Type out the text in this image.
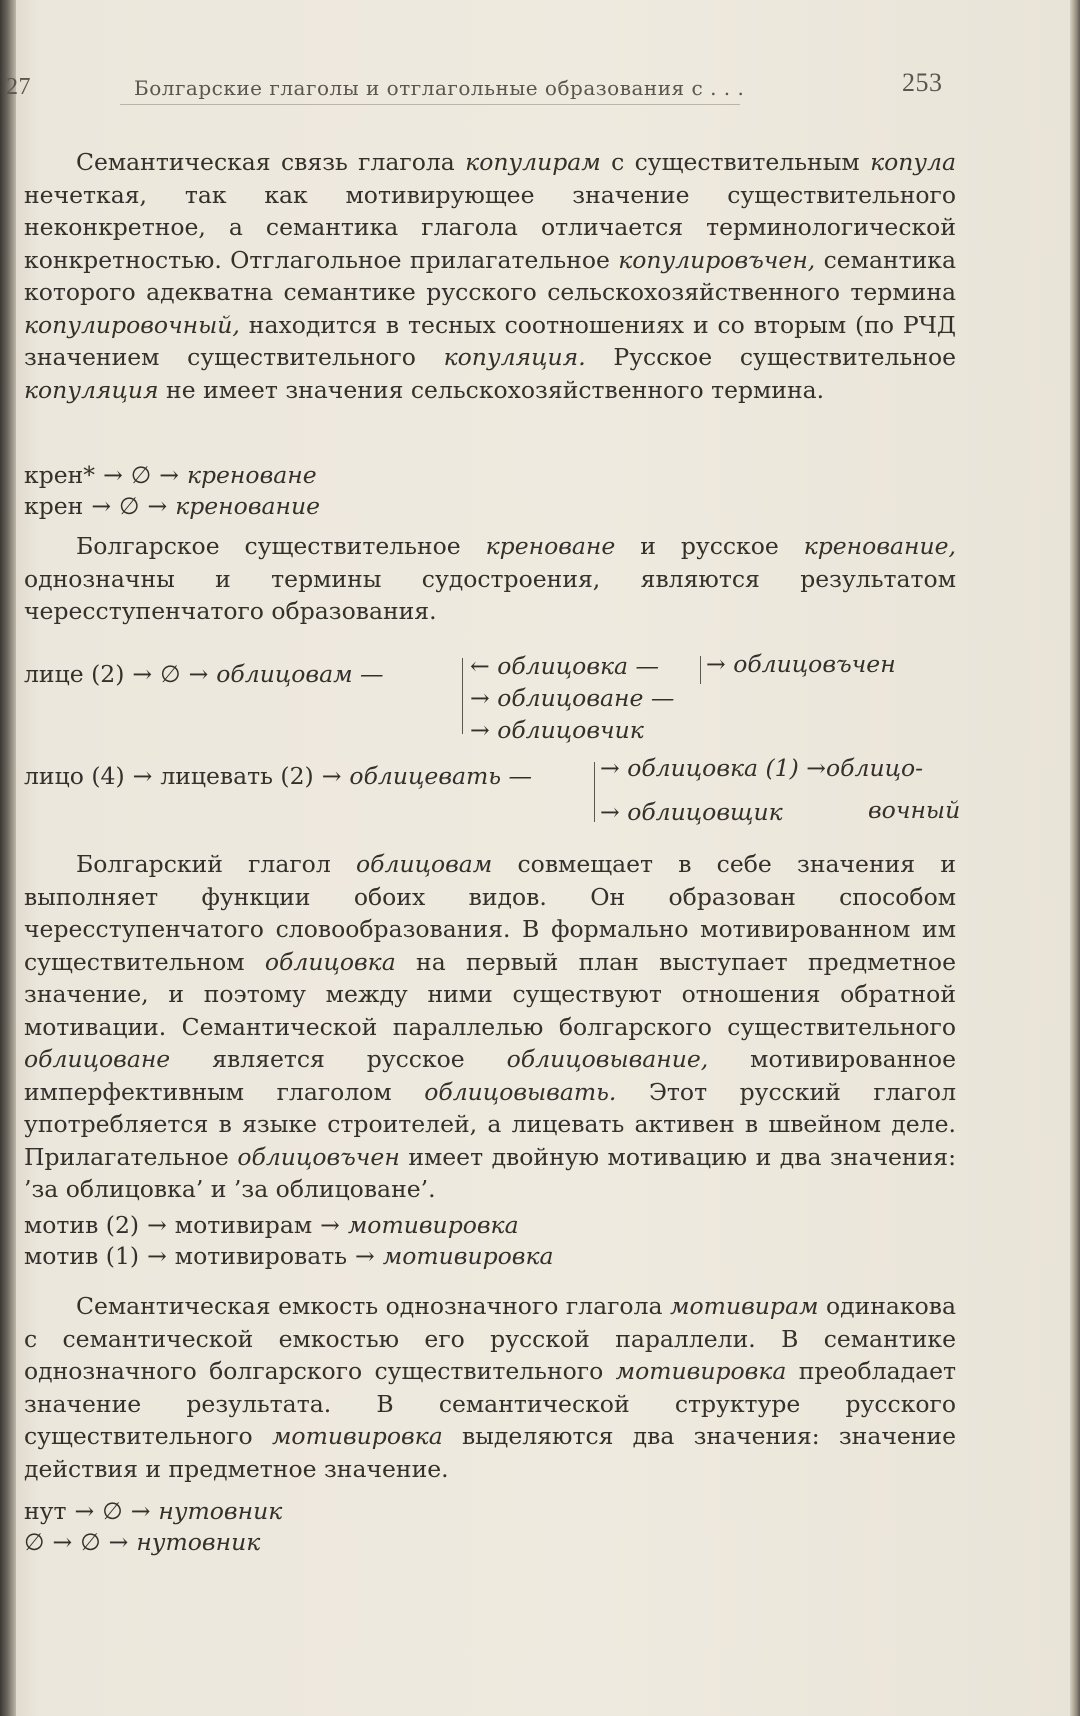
27	Болгарские глаголы и отглагольные образования с . . .	253

Семантическая связь глагола копулирам с существительным копула нечеткая, так как мотивирующее значение существительного неконкретное, а семантика глагола отличается терминологической конкретностью. Отглагольное прилагательное копулировъчен, семантика которого адекватна семантике русского сельскохозяйственного термина копулировочный, находится в тесных соотношениях и со вторым (по РЧД значением существительного копуляция. Русское существительное копуляция не имеет значения сельскохозяйственного термина.

крен* → ∅ → креноване
крен → ∅ → кренование

Болгарское существительное креноване и русское кренование, однозначны и термины судостроения, являются результатом чересступенчатого образования.

лице (2) → ∅ → облицовам —	← облицовка — → облицовъчен
→ облицоване —
→ облицовчик
лицо (4) → лицевать (2) → облицевать —	→ облицовка (1) →облицо-
→ облицовщик	вочный

Болгарский глагол облицовам совмещает в себе значения и выполняет функции обоих видов. Он образован способом чересступенчатого словообразования. В формально мотивированном им существительном облицовка на первый план выступает предметное значение, и поэтому между ними существуют отношения обратной мотивации. Семантической параллелью болгарского существительного облицоване является русское облицовывание, мотивированное имперфективным глаголом облицовывать. Этот русский глагол употребляется в языке строителей, а лицевать активен в швейном деле. Прилагательное облицовъчен имеет двойную мотивацию и два значения: ’за облицовка’ и ’за облицоване’.

мотив (2) → мотивирам → мотивировка
мотив (1) → мотивировать → мотивировка

Семантическая емкость однозначного глагола мотивирам одинакова с семантической емкостью его русской параллели. В семантике однозначного болгарского существительного мотивировка преобладает значение результата. В семантической структуре русского существительного мотивировка выделяются два значения: значение действия и предметное значение.

нут → ∅ → нутовник
∅ → ∅ → нутовник
